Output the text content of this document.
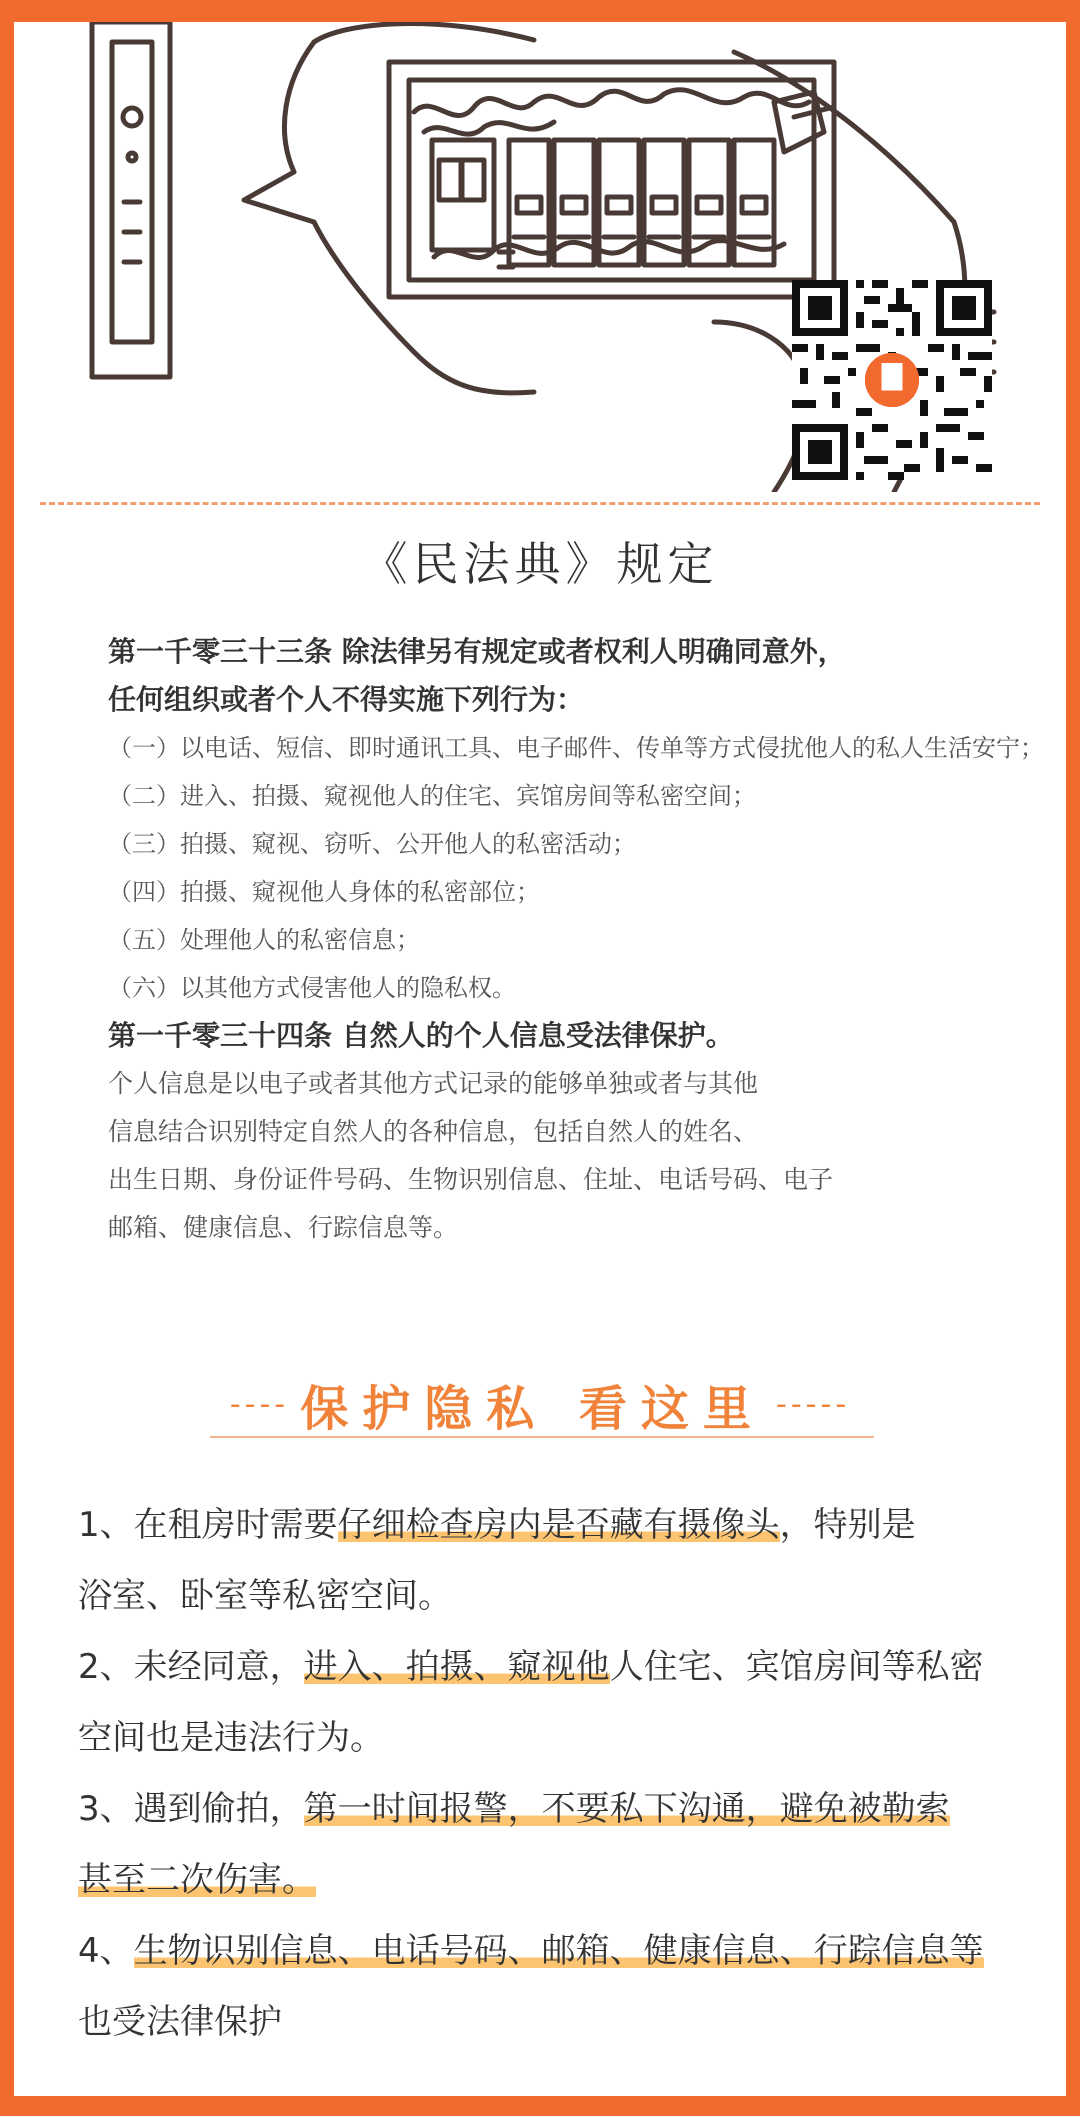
《民法典》规定

第一千零三十三条 除法律另有规定或者权利人明确同意外，

任何组织或者个人不得实施下列行为：

（一）以电话、短信、即时通讯工具、电子邮件、传单等方式侵扰他人的私人生活安宁；

（二）进入、拍摄、窥视他人的住宅、宾馆房间等私密空间；

（三）拍摄、窥视、窃听、公开他人的私密活动；

（四）拍摄、窥视他人身体的私密部位；

（五）处理他人的私密信息；

（六）以其他方式侵害他人的隐私权。

第一千零三十四条 自然人的个人信息受法律保护。

个人信息是以电子或者其他方式记录的能够单独或者与其他

信息结合识别特定自然人的各种信息，包括自然人的姓名、

出生日期、身份证件号码、生物识别信息、住址、电话号码、电子

邮箱、健康信息、行踪信息等。

---- 保护隐私 看这里 -----

1、在租房时需要仔细检查房内是否藏有摄像头，特别是

浴室、卧室等私密空间。

2、未经同意，进入、拍摄、窥视他人住宅、宾馆房间等私密

空间也是违法行为。

3、遇到偷拍，第一时间报警，不要私下沟通，避免被勒索

甚至二次伤害。

4、生物识别信息、电话号码、邮箱、健康信息、行踪信息等

也受法律保护
